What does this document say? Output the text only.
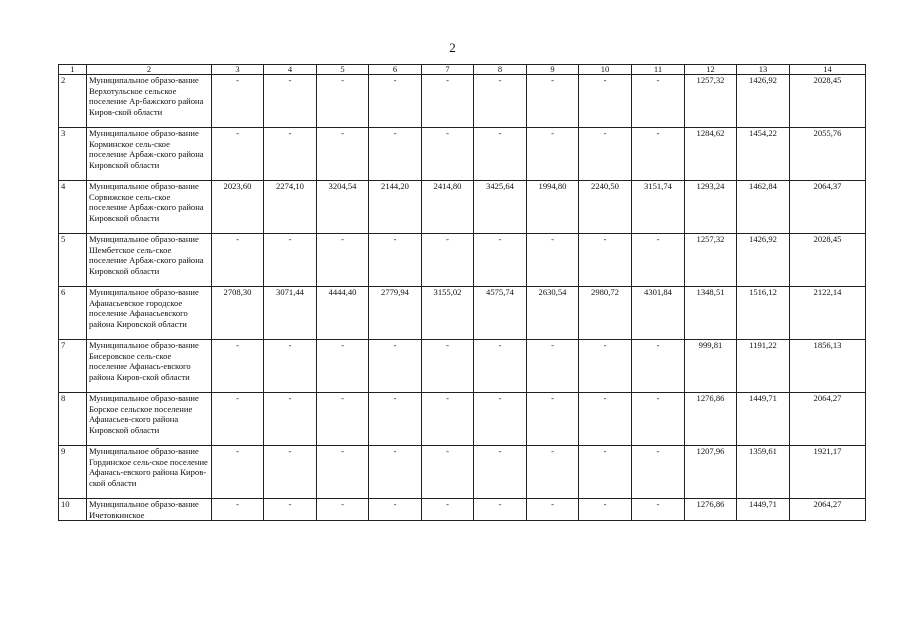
2
1	2	3	4	5	6	7	8	9	10	11	12	13	14
2	Муниципальное образо-вание Верхотульское сельское поселение Ар-бажского района Киров-ской области	-	-	-	-	-	-	-	-	-	1257,32	1426,92	2028,45
3	Муниципальное образо-вание Корминское сель-ское поселение Арбаж-ского района Кировской области	-	-	-	-	-	-	-	-	-	1284,62	1454,22	2055,76
4	Муниципальное образо-вание Сорвижское сель-ское поселение Арбаж-ского района Кировской области	2023,60	2274,10	3204,54	2144,20	2414,80	3425,64	1994,80	2240,50	3151,74	1293,24	1462,84	2064,37
5	Муниципальное образо-вание Шембетское сель-ское поселение Арбаж-ского района Кировской области	-	-	-	-	-	-	-	-	-	1257,32	1426,92	2028,45
6	Муниципальное образо-вание Афанасьевское городское поселение Афанасьевского района Кировской области	2708,30	3071,44	4444,40	2779,94	3155,02	4575,74	2630,54	2980,72	4301,84	1348,51	1516,12	2122,14
7	Муниципальное образо-вание Бисеровское сель-ское поселение Афанась-евского района Киров-ской области	-	-	-	-	-	-	-	-	-	999,81	1191,22	1856,13
8	Муниципальное образо-вание Борское сельское поселение Афанасьев-ского района Кировской области	-	-	-	-	-	-	-	-	-	1276,86	1449,71	2064,27
9	Муниципальное образо-вание Гординское сель-ское поселение Афанась-евского района Киров-ской области	-	-	-	-	-	-	-	-	-	1207,96	1359,61	1921,17
10	Муниципальное образо-вание Ичетовкинское	-	-	-	-	-	-	-	-	-	1276,86	1449,71	2064,27
